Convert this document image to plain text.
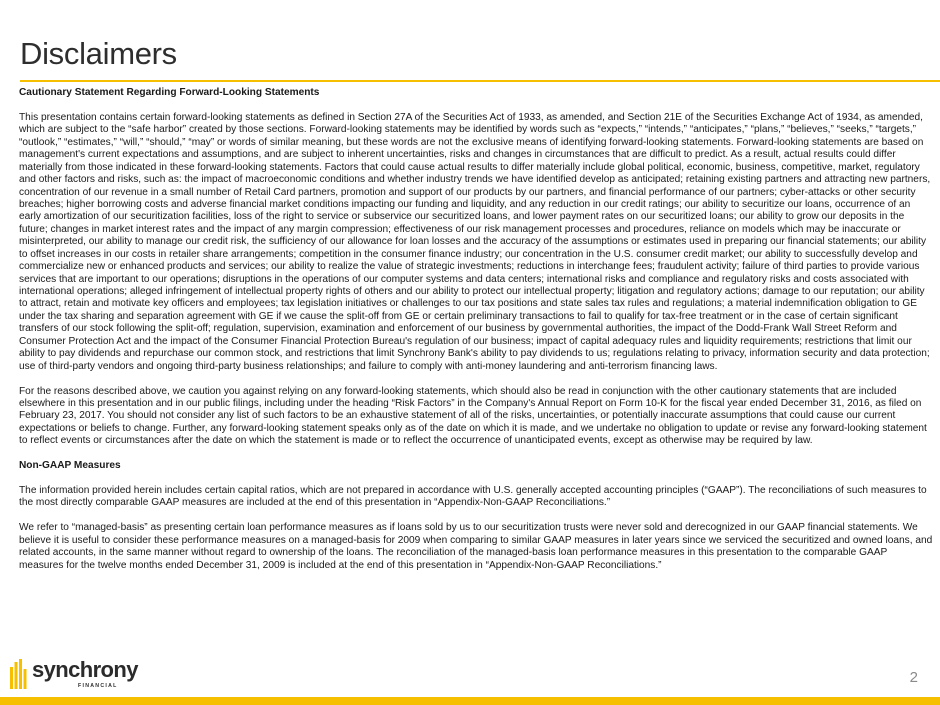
Disclaimers
Cautionary Statement Regarding Forward-Looking Statements

This presentation contains certain forward-looking statements as defined in Section 27A of the Securities Act of 1933, as amended, and Section 21E of the Securities Exchange Act of 1934, as amended, which are subject to the “safe harbor” created by those sections. Forward-looking statements may be identified by words such as “expects,” “intends,” “anticipates,” “plans,” “believes,” “seeks,” “targets,” “outlook,” “estimates,” “will,” “should,” “may” or words of similar meaning, but these words are not the exclusive means of identifying forward-looking statements. Forward-looking statements are based on management's current expectations and assumptions, and are subject to inherent uncertainties, risks and changes in circumstances that are difficult to predict. As a result, actual results could differ materially from those indicated in these forward-looking statements. Factors that could cause actual results to differ materially include global political, economic, business, competitive, market, regulatory and other factors and risks, such as: the impact of macroeconomic conditions and whether industry trends we have identified develop as anticipated; retaining existing partners and attracting new partners, concentration of our revenue in a small number of Retail Card partners, promotion and support of our products by our partners, and financial performance of our partners; cyber-attacks or other security breaches; higher borrowing costs and adverse financial market conditions impacting our funding and liquidity, and any reduction in our credit ratings; our ability to securitize our loans, occurrence of an early amortization of our securitization facilities, loss of the right to service or subservice our securitized loans, and lower payment rates on our securitized loans; our ability to grow our deposits in the future; changes in market interest rates and the impact of any margin compression; effectiveness of our risk management processes and procedures, reliance on models which may be inaccurate or misinterpreted, our ability to manage our credit risk, the sufficiency of our allowance for loan losses and the accuracy of the assumptions or estimates used in preparing our financial statements; our ability to offset increases in our costs in retailer share arrangements; competition in the consumer finance industry; our concentration in the U.S. consumer credit market; our ability to successfully develop and commercialize new or enhanced products and services; our ability to realize the value of strategic investments; reductions in interchange fees; fraudulent activity; failure of third parties to provide various services that are important to our operations; disruptions in the operations of our computer systems and data centers; international risks and compliance and regulatory risks and costs associated with international operations; alleged infringement of intellectual property rights of others and our ability to protect our intellectual property; litigation and regulatory actions; damage to our reputation; our ability to attract, retain and motivate key officers and employees; tax legislation initiatives or challenges to our tax positions and state sales tax rules and regulations; a material indemnification obligation to GE under the tax sharing and separation agreement with GE if we cause the split-off from GE or certain preliminary transactions to fail to qualify for tax-free treatment or in the case of certain significant transfers of our stock following the split-off; regulation, supervision, examination and enforcement of our business by governmental authorities, the impact of the Dodd-Frank Wall Street Reform and Consumer Protection Act and the impact of the Consumer Financial Protection Bureau's regulation of our business; impact of capital adequacy rules and liquidity requirements; restrictions that limit our ability to pay dividends and repurchase our common stock, and restrictions that limit Synchrony Bank's ability to pay dividends to us; regulations relating to privacy, information security and data protection; use of third-party vendors and ongoing third-party business relationships; and failure to comply with anti-money laundering and anti-terrorism financing laws.

For the reasons described above, we caution you against relying on any forward-looking statements, which should also be read in conjunction with the other cautionary statements that are included elsewhere in this presentation and in our public filings, including under the heading “Risk Factors” in the Company's Annual Report on Form 10-K for the fiscal year ended December 31, 2016, as filed on February 23, 2017. You should not consider any list of such factors to be an exhaustive statement of all of the risks, uncertainties, or potentially inaccurate assumptions that could cause our current expectations or beliefs to change. Further, any forward-looking statement speaks only as of the date on which it is made, and we undertake no obligation to update or revise any forward-looking statement to reflect events or circumstances after the date on which the statement is made or to reflect the occurrence of unanticipated events, except as otherwise may be required by law.

Non-GAAP Measures

The information provided herein includes certain capital ratios, which are not prepared in accordance with U.S. generally accepted accounting principles (“GAAP”). The reconciliations of such measures to the most directly comparable GAAP measures are included at the end of this presentation in “Appendix-Non-GAAP Reconciliations.”

We refer to “managed-basis” as presenting certain loan performance measures as if loans sold by us to our securitization trusts were never sold and derecognized in our GAAP financial statements. We believe it is useful to consider these performance measures on a managed-basis for 2009 when comparing to similar GAAP measures in later years since we serviced the securitized and owned loans, and related accounts, in the same manner without regard to ownership of the loans. The reconciliation of the managed-basis loan performance measures in this presentation to the comparable GAAP measures for the twelve months ended December 31, 2009 is included at the end of this presentation in “Appendix-Non-GAAP Reconciliations.”

synchrony
FINANCIAL	2
